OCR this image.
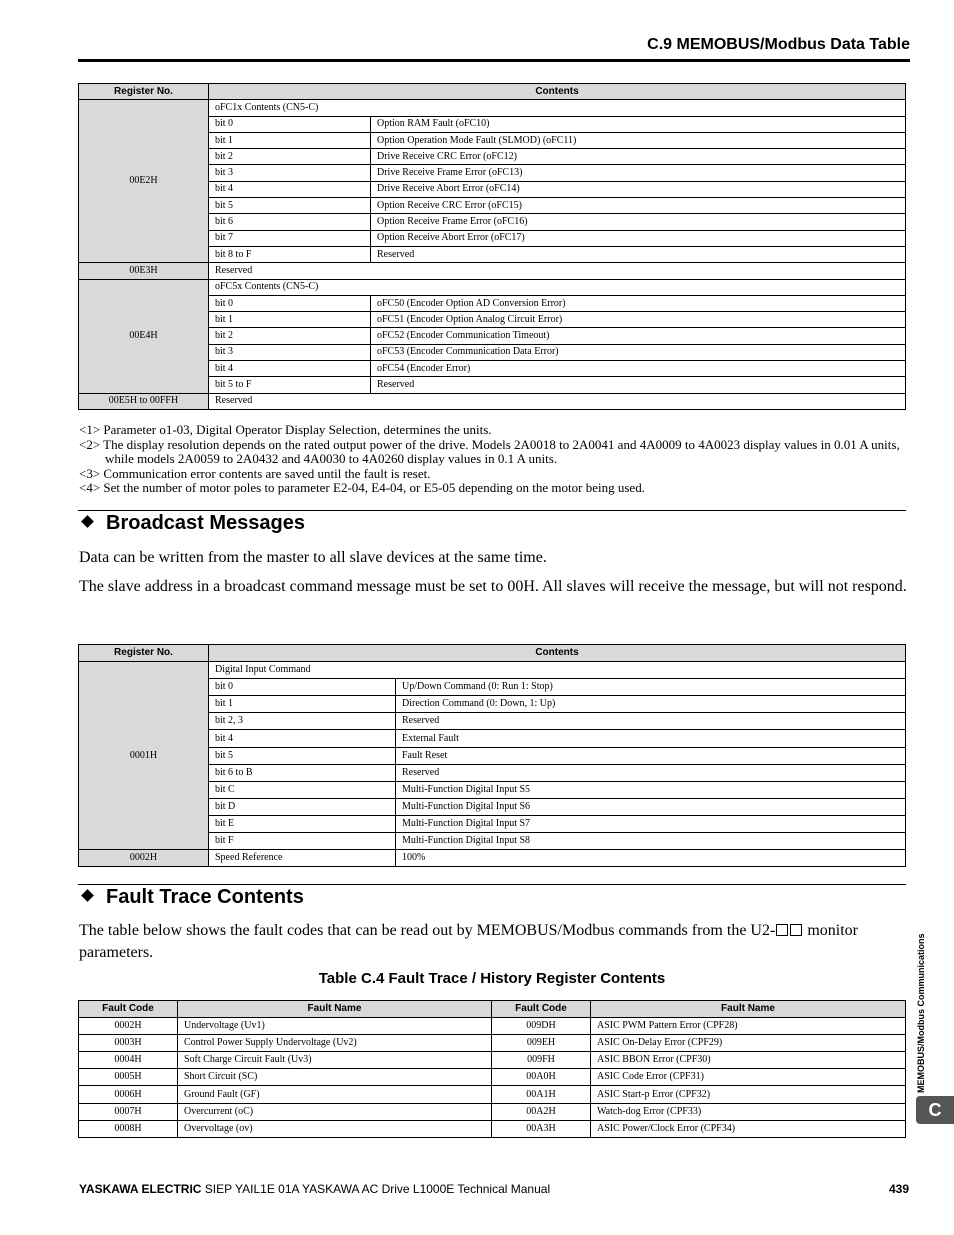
C.9 MEMOBUS/Modbus Data Table
Register No.	Contents	
00E2H	oFC1x Contents (CN5-C)	
	bit 0	Option RAM Fault (oFC10)
	bit 1	Option Operation Mode Fault (SLMOD) (oFC11)
	bit 2	Drive Receive CRC Error (oFC12)
	bit 3	Drive Receive Frame Error (oFC13)
	bit 4	Drive Receive Abort Error (oFC14)
	bit 5	Option Receive CRC Error (oFC15)
	bit 6	Option Receive Frame Error (oFC16)
	bit 7	Option Receive Abort Error (oFC17)
	bit 8 to F	Reserved
00E3H	Reserved	
00E4H	oFC5x Contents (CN5-C)	
	bit 0	oFC50 (Encoder Option AD Conversion Error)
	bit 1	oFC51 (Encoder Option Analog Circuit Error)
	bit 2	oFC52 (Encoder Communication Timeout)
	bit 3	oFC53 (Encoder Communication Data Error)
	bit 4	oFC54 (Encoder Error)
	bit 5 to F	Reserved
00E5H to 00FFH	Reserved	
<1> Parameter o1-03, Digital Operator Display Selection, determines the units.
<2> The display resolution depends on the rated output power of the drive. Models 2A0018 to 2A0041 and 4A0009 to 4A0023 display values in 0.01 A units, while models 2A0059 to 2A0432 and 4A0030 to 4A0260 display values in 0.1 A units.
<3> Communication error contents are saved until the fault is reset.
<4> Set the number of motor poles to parameter E2-04, E4-04, or E5-05 depending on the motor being used.
Broadcast Messages
Data can be written from the master to all slave devices at the same time.
The slave address in a broadcast command message must be set to 00H. All slaves will receive the message, but will not respond.
Register No.	Contents	
0001H	Digital Input Command	
	bit 0	Up/Down Command (0: Run 1: Stop)
	bit 1	Direction Command (0: Down, 1: Up)
	bit 2, 3	Reserved
	bit 4	External Fault
	bit 5	Fault Reset
	bit 6 to B	Reserved
	bit C	Multi-Function Digital Input S5
	bit D	Multi-Function Digital Input S6
	bit E	Multi-Function Digital Input S7
	bit F	Multi-Function Digital Input S8
0002H	Speed Reference	100%
Fault Trace Contents
The table below shows the fault codes that can be read out by MEMOBUS/Modbus commands from the U2- monitor parameters.
Table C.4 Fault Trace / History Register Contents
Fault Code	Fault Name	Fault Code	Fault Name
0002H	Undervoltage (Uv1)	009DH	ASIC PWM Pattern Error (CPF28)
0003H	Control Power Supply Undervoltage (Uv2)	009EH	ASIC On-Delay Error (CPF29)
0004H	Soft Charge Circuit Fault (Uv3)	009FH	ASIC BBON Error (CPF30)
0005H	Short Circuit (SC)	00A0H	ASIC Code Error (CPF31)
0006H	Ground Fault (GF)	00A1H	ASIC Start-p Error (CPF32)
0007H	Overcurrent (oC)	00A2H	Watch-dog Error (CPF33)
0008H	Overvoltage (ov)	00A3H	ASIC Power/Clock Error (CPF34)
MEMOBUS/Modbus Communications
C
YASKAWA ELECTRIC SIEP YAIL1E 01A YASKAWA AC Drive L1000E Technical Manual	439
